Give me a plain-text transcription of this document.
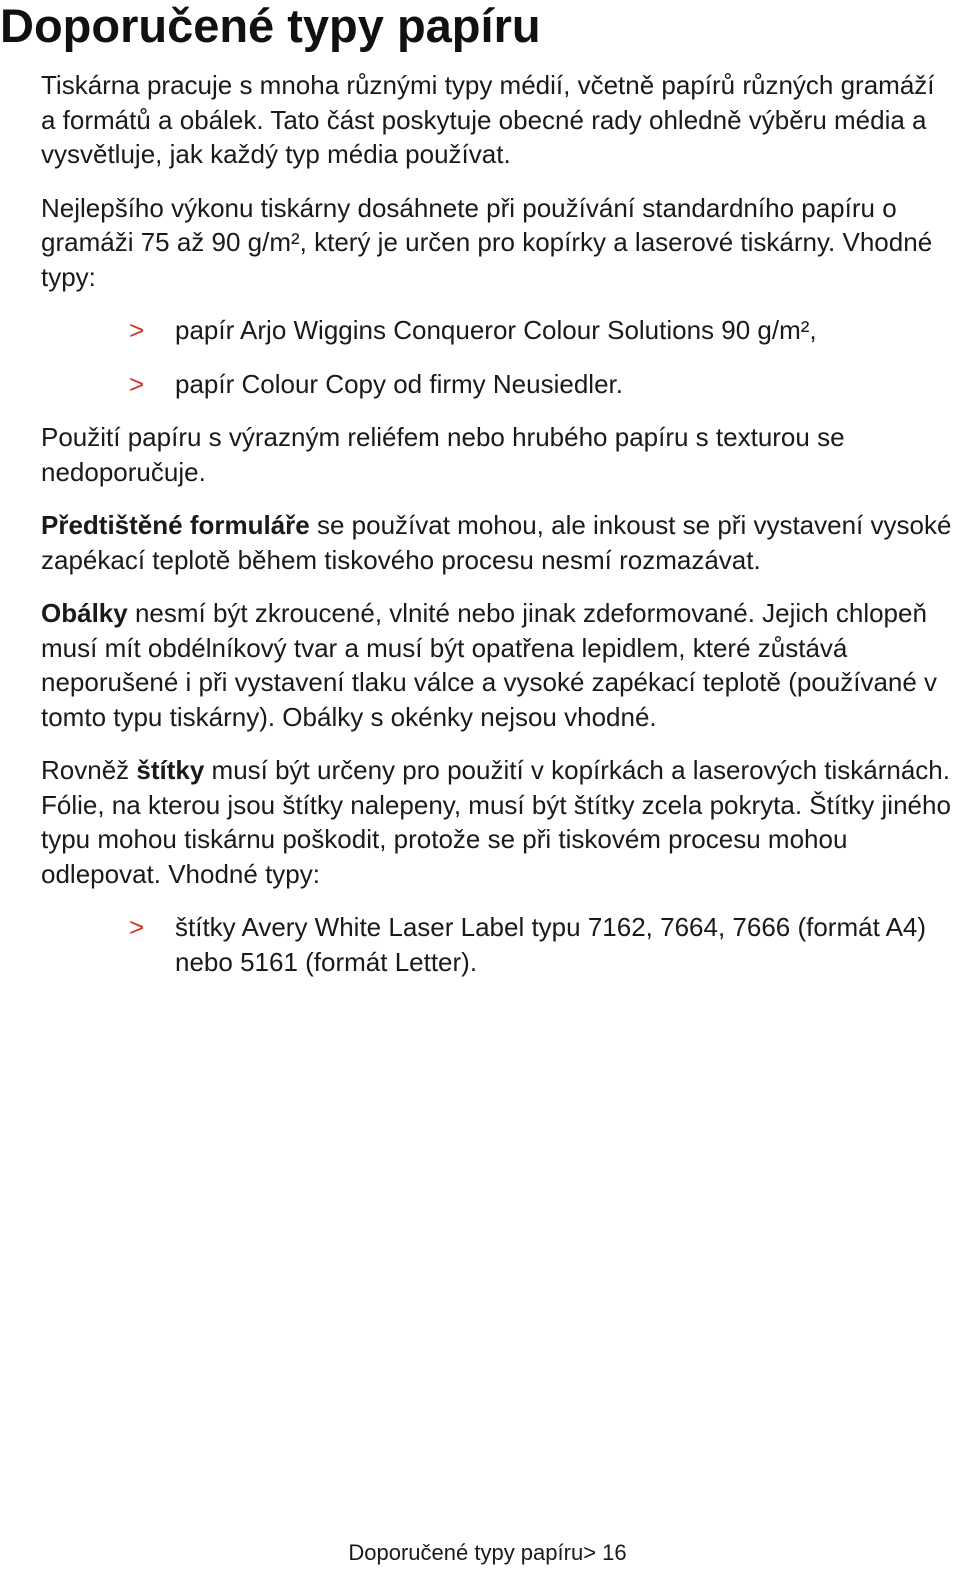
Doporučené typy papíru

Tiskárna pracuje s mnoha různými typy médií, včetně papírů různých gramáží a formátů a obálek. Tato část poskytuje obecné rady ohledně výběru média a vysvětluje, jak každý typ média používat.

Nejlepšího výkonu tiskárny dosáhnete při používání standardního papíru o gramáži 75 až 90 g/m², který je určen pro kopírky a laserové tiskárny. Vhodné typy:

> papír Arjo Wiggins Conqueror Colour Solutions 90 g/m²,
> papír Colour Copy od firmy Neusiedler.

Použití papíru s výrazným reliéfem nebo hrubého papíru s texturou se nedoporučuje.

Předtištěné formuláře se používat mohou, ale inkoust se při vystavení vysoké zapékací teplotě během tiskového procesu nesmí rozmazávat.

Obálky nesmí být zkroucené, vlnité nebo jinak zdeformované. Jejich chlopeň musí mít obdélníkový tvar a musí být opatřena lepidlem, které zůstává neporušené i při vystavení tlaku válce a vysoké zapékací teplotě (používané v tomto typu tiskárny). Obálky s okénky nejsou vhodné.

Rovněž štítky musí být určeny pro použití v kopírkách a laserových tiskárnách. Fólie, na kterou jsou štítky nalepeny, musí být štítky zcela pokryta. Štítky jiného typu mohou tiskárnu poškodit, protože se při tiskovém procesu mohou odlepovat. Vhodné typy:

> štítky Avery White Laser Label typu 7162, 7664, 7666 (formát A4) nebo 5161 (formát Letter).
Doporučené typy papíru> 16
